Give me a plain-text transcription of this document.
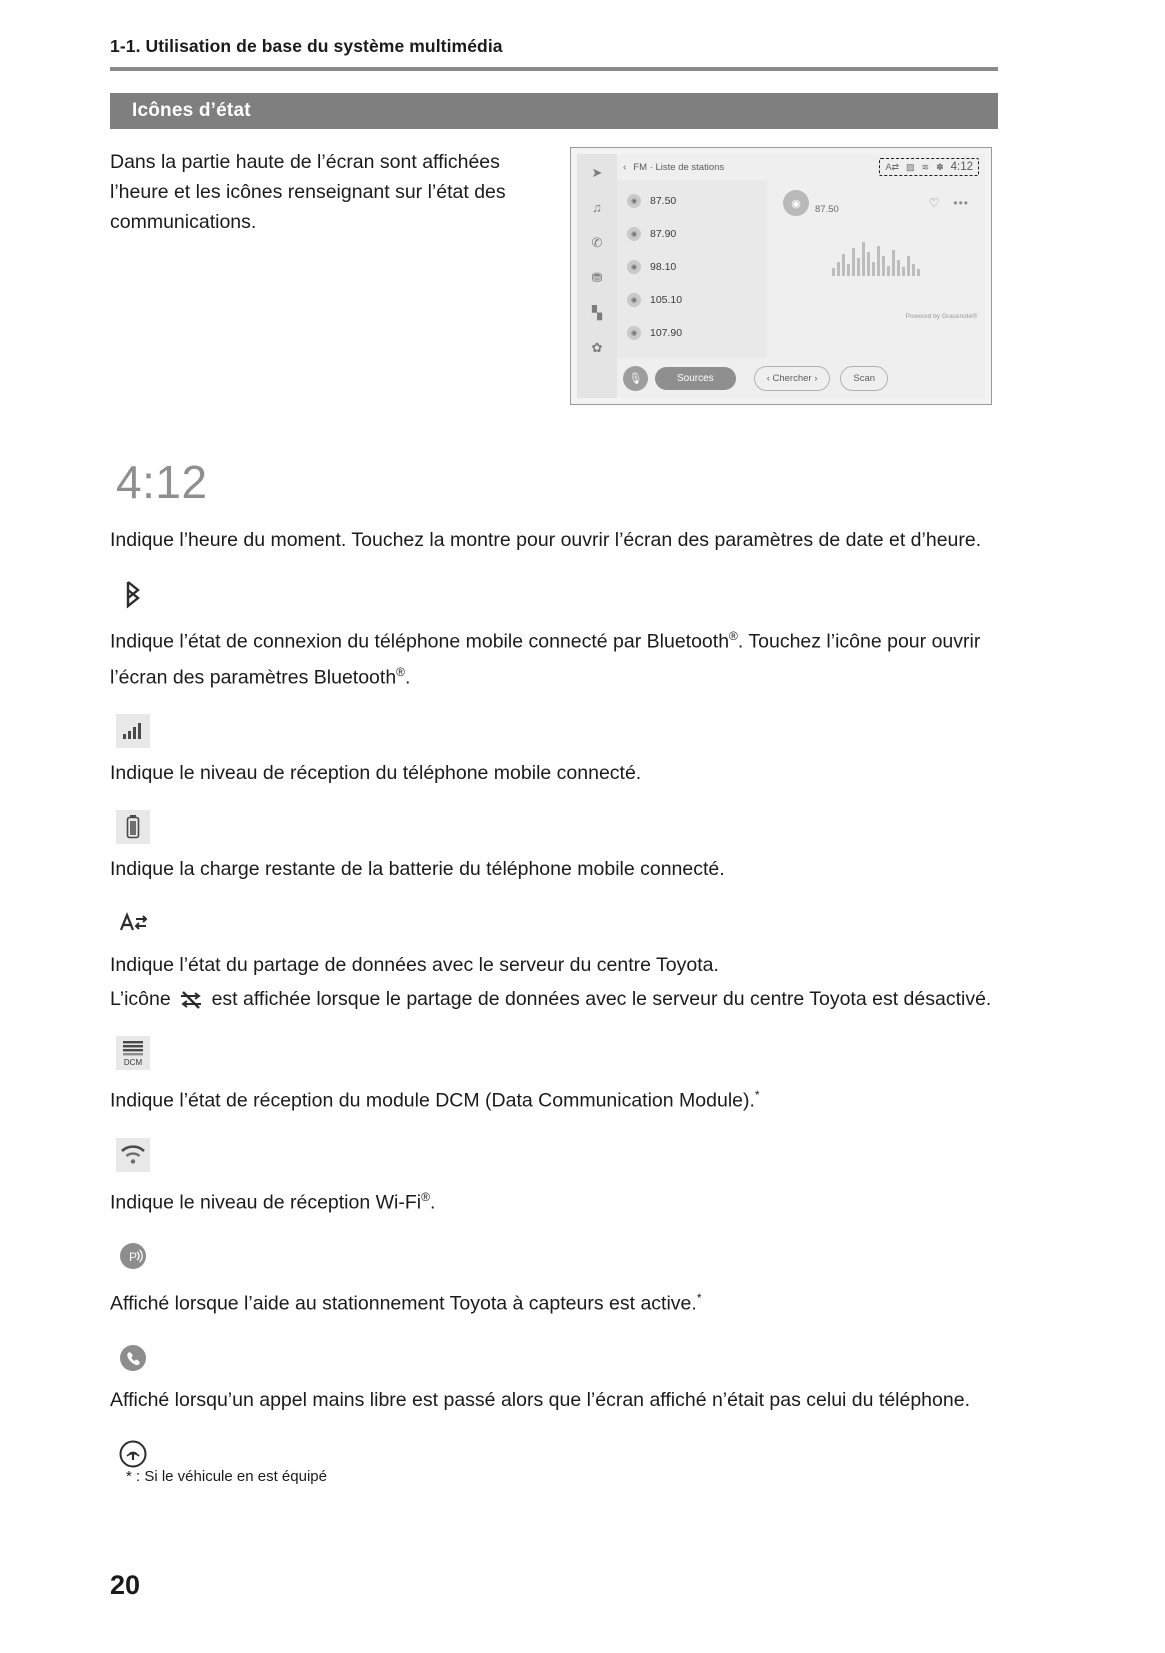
1-1. Utilisation de base du système multimédia
Icônes d’état
Dans la partie haute de l’écran sont affichées l’heure et les icônes renseignant sur l’état des communications.
➤
♫
✆
⛃
▚
✿
‹ FM · Liste de stations	A⇄ ▨ ≋ ✽ 4:12
◉	87.50
◉	87.90
◉	98.10
◉	105.10
◉	107.90
◉	87.50	♡ •••
Powered by Gracenote®
🎙	Sources	‹ Chercher ›	Scan
4:12

Indique l’heure du moment. Touchez la montre pour ouvrir l’écran des paramètres de date et d’heure.

Indique l’état de connexion du téléphone mobile connecté par Bluetooth®. Touchez l’icône pour ouvrir l’écran des paramètres Bluetooth®.

Indique le niveau de réception du téléphone mobile connecté.

Indique la charge restante de la batterie du téléphone mobile connecté.

Indique l’état du partage de données avec le serveur du centre Toyota.

L’icône est affichée lorsque le partage de données avec le serveur du centre Toyota est désactivé.

DCM

Indique l’état de réception du module DCM (Data Communication Module).*

Indique le niveau de réception Wi-Fi®.

P

Affiché lorsque l’aide au stationnement Toyota à capteurs est active.*

Affiché lorsqu’un appel mains libre est passé alors que l’écran affiché n’était pas celui du téléphone.

* : Si le véhicule en est équipé
20
